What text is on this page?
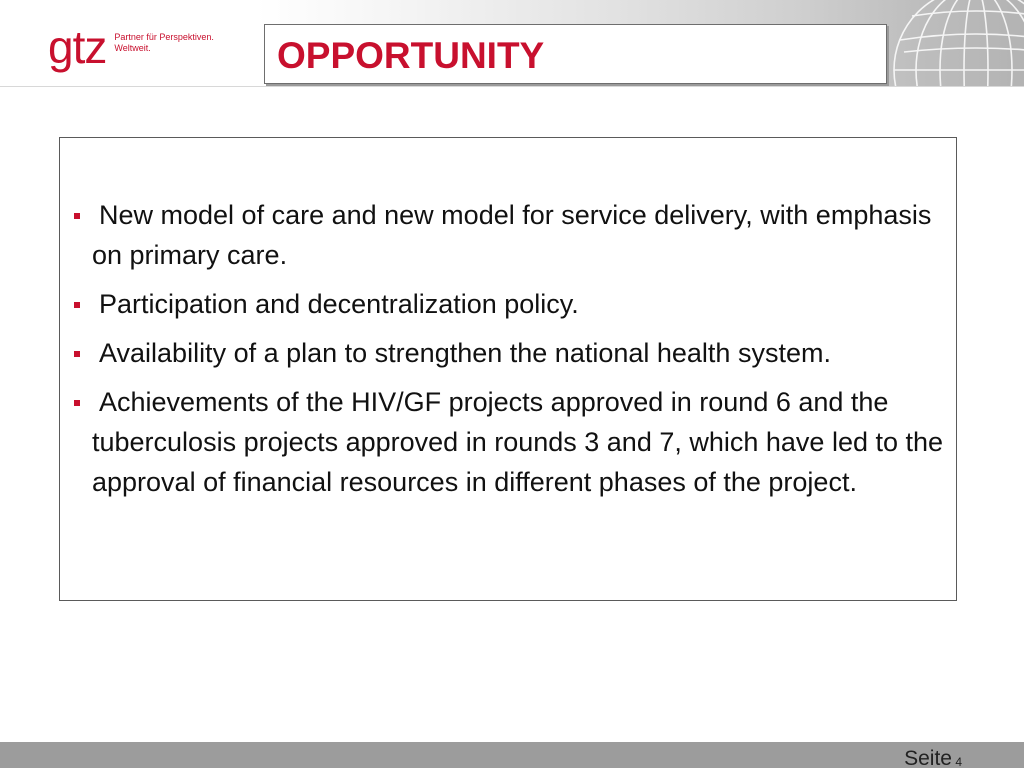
gtz Partner für Perspektiven.
Weltweit.	OPPORTUNITY
New model of care and new model for service delivery, with emphasis on primary care.
Participation and decentralization policy.
Availability of a plan to strengthen the national health system.
Achievements of the HIV/GF projects approved in round 6 and the tuberculosis projects approved in rounds 3 and 7, which have led to the approval of financial resources in different phases of the project.
Seite 4
